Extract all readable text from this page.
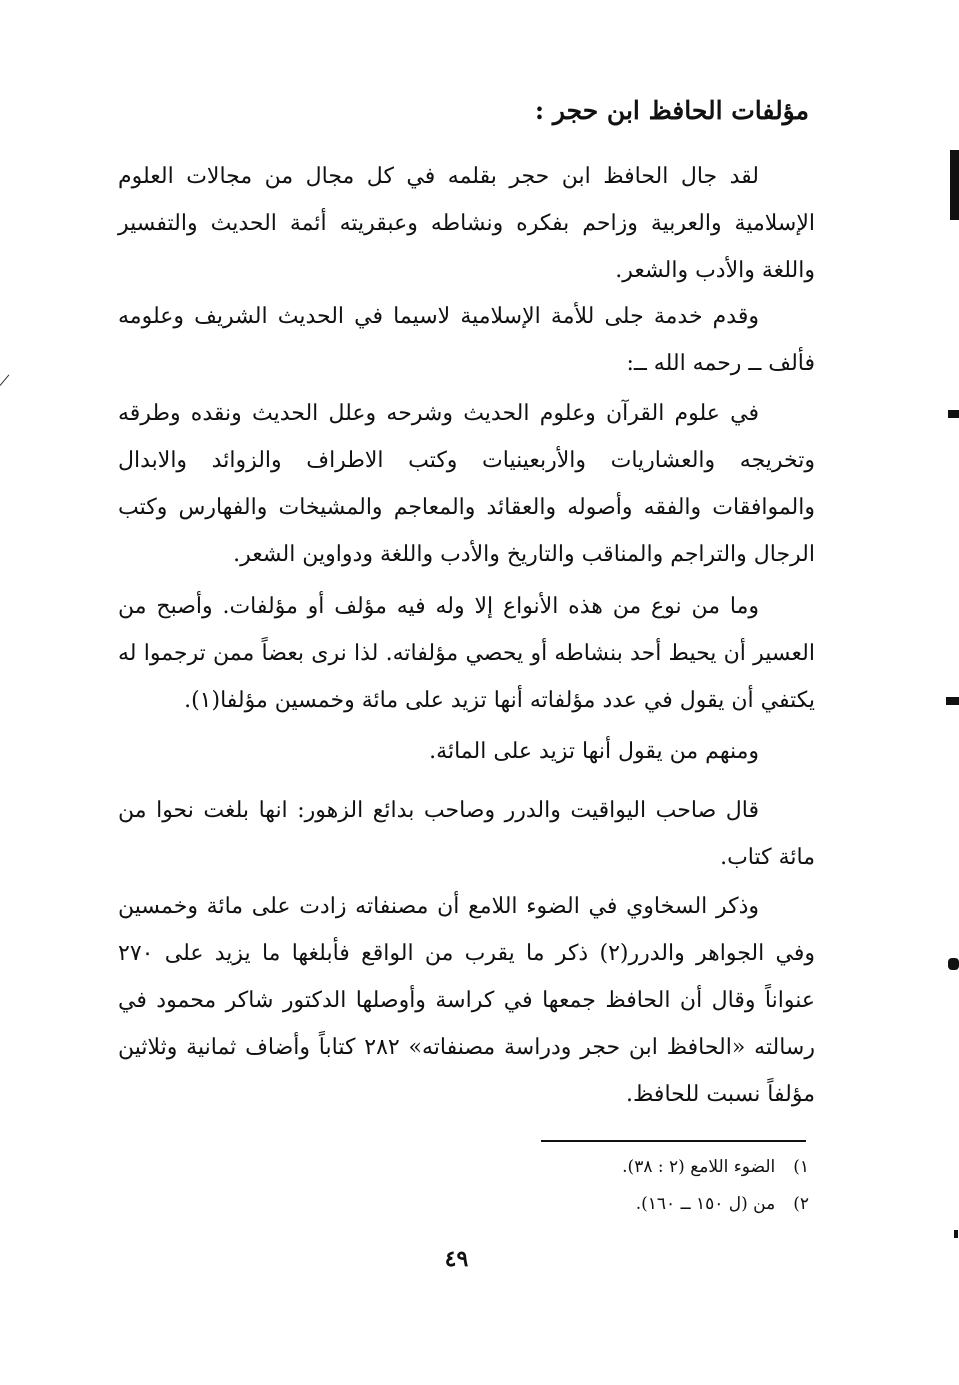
مؤلفات الحافظ ابن حجر :

لقد جال الحافظ ابن حجر بقلمه في كل مجال من مجالات العلوم الإسلامية والعربية وزاحم بفكره ونشاطه وعبقريته أئمة الحديث والتفسير واللغة والأدب والشعر.

وقدم خدمة جلى للأمة الإسلامية لاسيما في الحديث الشريف وعلومه فألف ــ رحمه الله ــ:

في علوم القرآن وعلوم الحديث وشرحه وعلل الحديث ونقده وطرقه وتخريجه والعشاريات والأربعينيات وكتب الاطراف والزوائد والابدال والموافقات والفقه وأصوله والعقائد والمعاجم والمشيخات والفهارس وكتب الرجال والتراجم والمناقب والتاريخ والأدب واللغة ودواوين الشعر.

وما من نوع من هذه الأنواع إلا وله فيه مؤلف أو مؤلفات. وأصبح من العسير أن يحيط أحد بنشاطه أو يحصي مؤلفاته. لذا نرى بعضاً ممن ترجموا له يكتفي أن يقول في عدد مؤلفاته أنها تزيد على مائة وخمسين مؤلفا(١).

ومنهم من يقول أنها تزيد على المائة.

قال صاحب اليواقيت والدرر وصاحب بدائع الزهور: انها بلغت نحوا من مائة كتاب.

وذكر السخاوي في الضوء اللامع أن مصنفاته زادت على مائة وخمسين وفي الجواهر والدرر(٢) ذكر ما يقرب من الواقع فأبلغها ما يزيد على ٢٧٠ عنواناً وقال أن الحافظ جمعها في كراسة وأوصلها الدكتور شاكر محمود في رسالته «الحافظ ابن حجر ودراسة مصنفاته» ٢٨٢ كتاباً وأضاف ثمانية وثلاثين مؤلفاً نسبت للحافظ.

١)الضوء اللامع (٢ : ٣٨).
٢)من (ل ١٥٠ ــ ١٦٠).
٤٩
